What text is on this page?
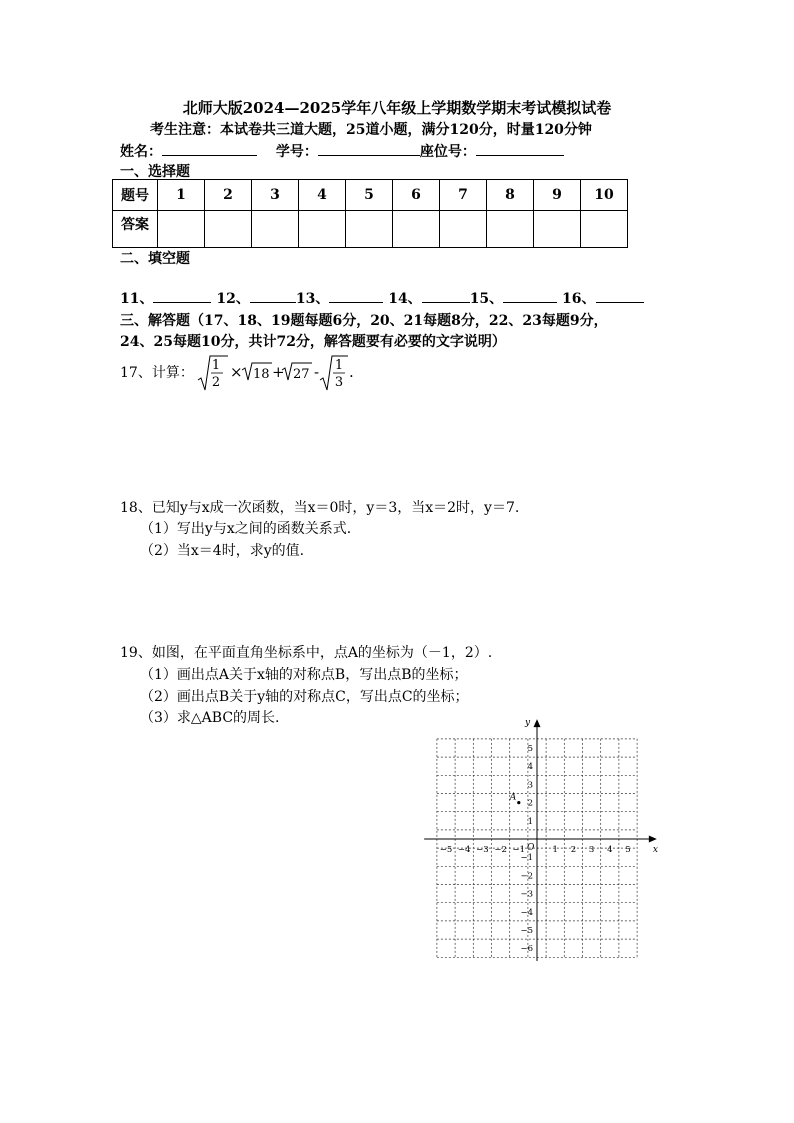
北师大版2024—2025学年八年级上学期数学期末考试模拟试卷
考生注意：本试卷共三道大题，25道小题，满分120分，时量120分钟
姓名：	学号：	座位号：
一、选择题
题号	1	2	3	4	5	6	7	8	9	10
答案										
二、填空题
11、	12、	13、	14、	15、	16、
三、解答题（17、18、19题每题6分，20、21每题8分，22、23每题9分，
24、25每题10分，共计72分，解答题要有必要的文字说明）
17、计算： 1
2
× 18 + 27 - 1
3
.
18、已知y与x成一次函数，当x＝0时，y＝3，当x＝2时，y＝7.
（1）写出y与x之间的函数关系式.
（2）当x＝4时，求y的值.
19、如图，在平面直角坐标系中，点A的坐标为（－1，2）.
（1）画出点A关于x轴的对称点B，写出点B的坐标；
（2）画出点B关于y轴的对称点C，写出点C的坐标；
（3）求△ABC的周长.
x
y
O
−5 −4 −3 −2 −1	1 2 3 4 5
5
4
3
2
1
−1
−2
−3
−4
−5
−6
A
